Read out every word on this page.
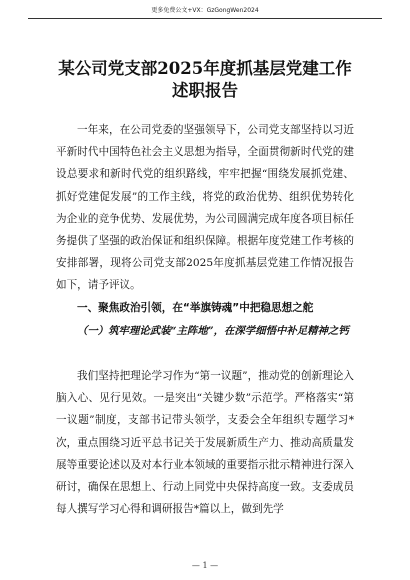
更多免费公文+VX：GzGongWen2024
某公司党支部2025年度抓基层党建工作
述职报告
一年来，在公司党委的坚强领导下，公司党支部坚持以习近平新时代中国特色社会主义思想为指导，全面贯彻新时代党的建设总要求和新时代党的组织路线，牢牢把握“围绕发展抓党建、抓好党建促发展”的工作主线，将党的政治优势、组织优势转化为企业的竞争优势、发展优势，为公司圆满完成年度各项目标任务提供了坚强的政治保证和组织保障。根据年度党建工作考核的安排部署，现将公司党支部2025年度抓基层党建工作情况报告如下，请予评议。
一、聚焦政治引领，在“举旗铸魂”中把稳思想之舵
（一）筑牢理论武装“主阵地”，在深学细悟中补足精神之钙
我们坚持把理论学习作为“第一议题”，推动党的创新理论入脑入心、见行见效。一是突出“关键少数”示范学。严格落实“第一议题”制度，支部书记带头领学，支委会全年组织专题学习*次，重点围绕习近平总书记关于发展新质生产力、推动高质量发展等重要论述以及对本行业本领域的重要指示批示精神进行深入研讨，确保在思想上、行动上同党中央保持高度一致。支委成员每人撰写学习心得和调研报告*篇以上，做到先学
— 1 —
